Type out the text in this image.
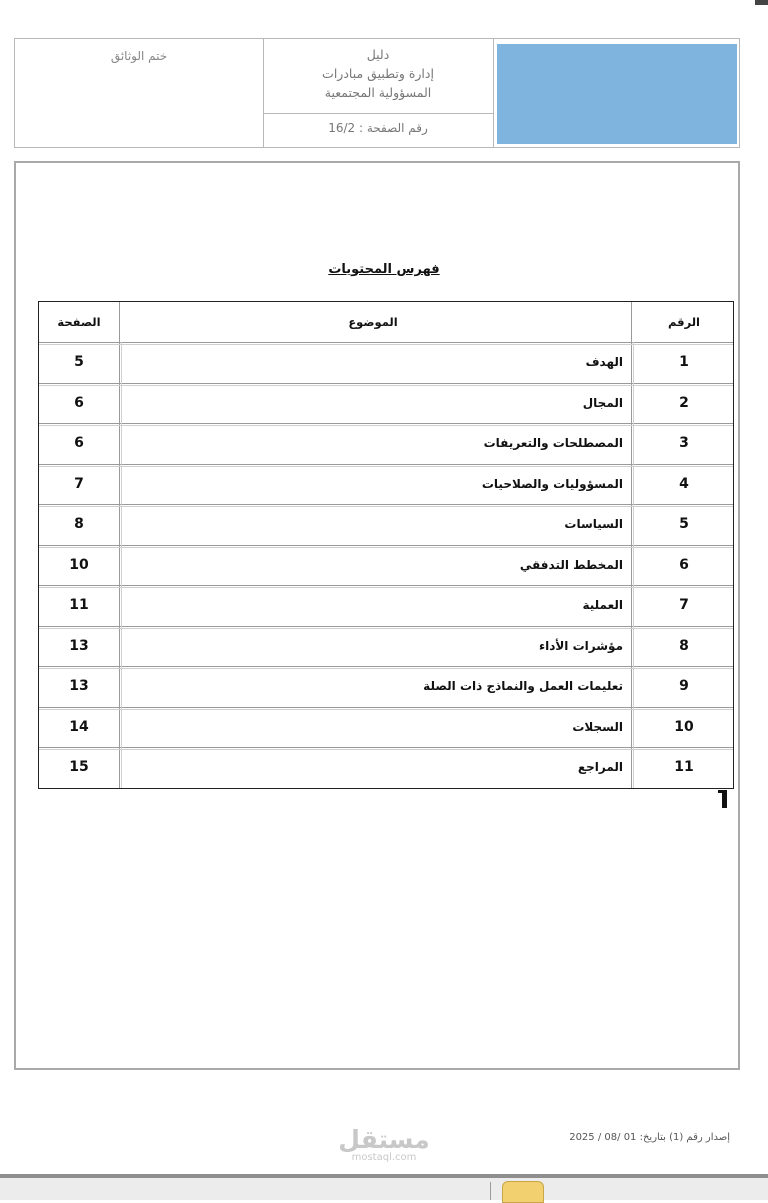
ختم الوثائق	دليل
إدارة وتطبيق مبادرات
المسؤولية المجتمعية
رقم الصفحة : 16/2
فهرس المحتويات
الصفحة	الموضوع	الرقم
5	الهدف	1
6	المجال	2
6	المصطلحات والتعريفات	3
7	المسؤوليات والصلاحيات	4
8	السياسات	5
10	المخطط التدفقي	6
11	العملية	7
13	مؤشرات الأداء	8
13	تعليمات العمل والنماذج ذات الصلة	9
14	السجلات	10
15	المراجع	11
مستقل
mostaql.com
إصدار رقم (1) بتاريخ: 01 /08 / 2025
